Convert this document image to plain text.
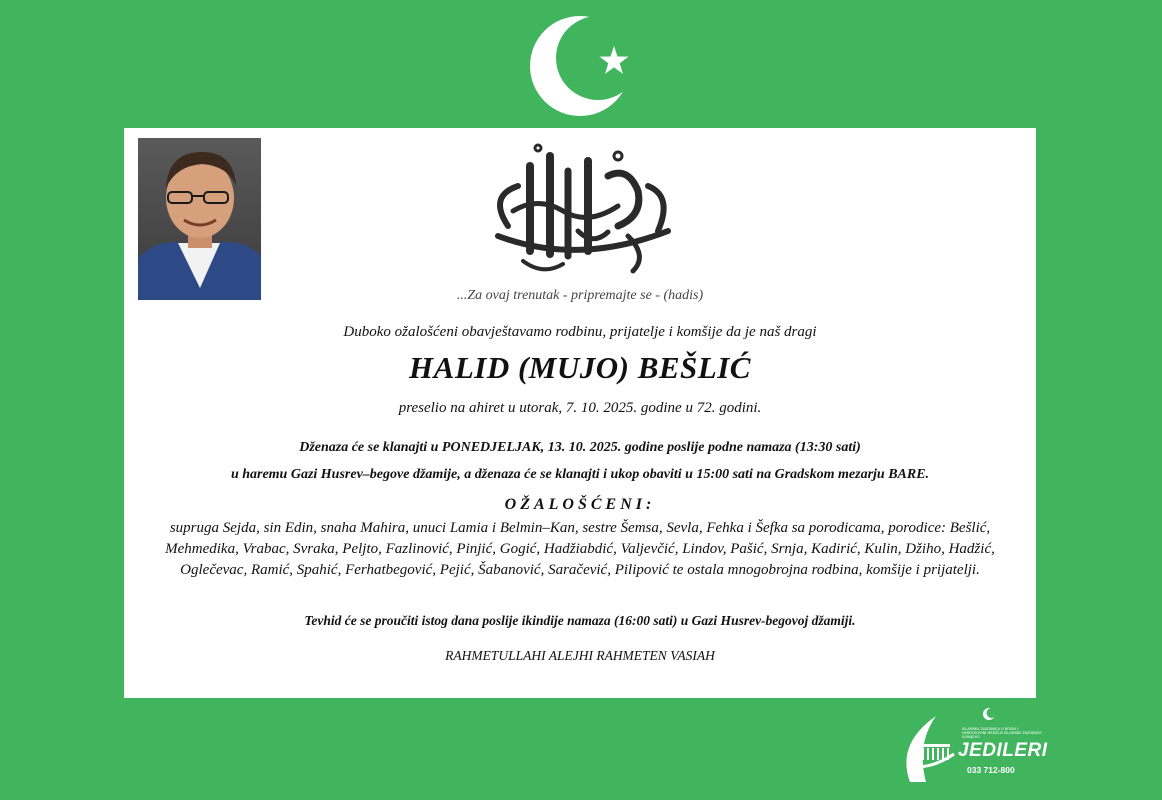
...Za ovaj trenutak - pripremajte se - (hadis)
Duboko ožalošćeni obavještavamo rodbinu, prijatelje i komšije da je naš dragi
HALID (MUJO) BEŠLIĆ
preselio na ahiret u utorak, 7. 10. 2025. godine u 72. godini.
Dženaza će se klanajti u PONEDJELJAK, 13. 10. 2025. godine poslije podne namaza (13:30 sati)
u haremu Gazi Husrev–begove džamije, a dženaza će se klanajti i ukop obaviti u 15:00 sati na Gradskom mezarju BARE.
OŽALOŠĆENI:
supruga Sejda, sin Edin, snaha Mahira, unuci Lamia i Belmin–Kan, sestre Šemsa, Sevla, Fehka i Šefka sa porodicama, porodice: Bešlić, Mehmedika, Vrabac, Svraka, Peljto, Fazlinović, Pinjić, Gogić, Hadžiabdić, Valjevčić, Lindov, Pašić, Srnja, Kadirić, Kulin, Džiho, Hadžić, Oglečevac, Ramić, Spahić, Ferhatbegović, Pejić, Šabanović, Saračević, Pilipović te ostala mnogobrojna rodbina, komšije i prijatelji.
Tevhid će se proučiti istog dana poslije ikindije namaza (16:00 sati) u Gazi Husrev-begovoj džamiji.
RAHMETULLAHI ALEJHI RAHMETEN VASIAH
ISLAMSKA ZAJEDNICA U BOSNI I HERCEGOVINI MEDŽLIS ISLAMSKE ZAJEDNICE SARAJEVO
JEDILERI
033 712-800
